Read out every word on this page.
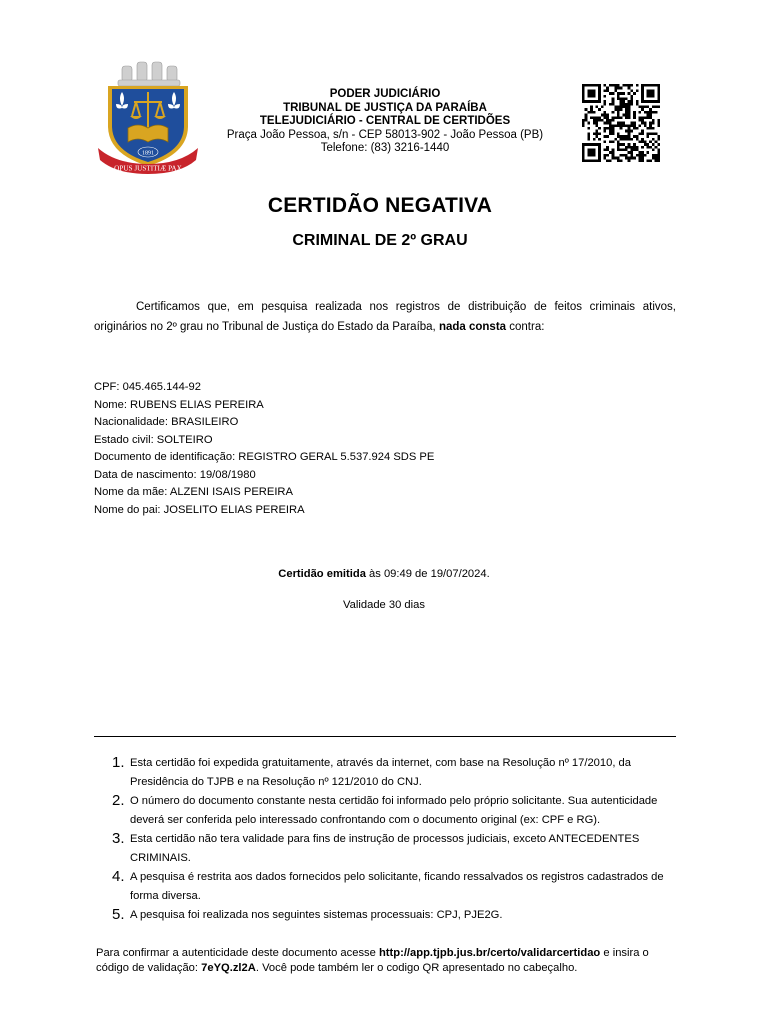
1891
OPUS JUSTITIÆ PAX
PODER JUDICIÁRIO
TRIBUNAL DE JUSTIÇA DA PARAÍBA
TELEJUDICIÁRIO - CENTRAL DE CERTIDÕES
Praça João Pessoa, s/n - CEP 58013-902 - João Pessoa (PB)
Telefone: (83) 3216-1440
CERTIDÃO NEGATIVA
CRIMINAL DE 2º GRAU
Certificamos que, em pesquisa realizada nos registros de distribuição de feitos criminais ativos, originários no 2º grau no Tribunal de Justiça do Estado da Paraíba, nada consta contra:
CPF: 045.465.144-92
Nome: RUBENS ELIAS PEREIRA
Nacionalidade: BRASILEIRO
Estado civil: SOLTEIRO
Documento de identificação: REGISTRO GERAL 5.537.924 SDS PE
Data de nascimento: 19/08/1980
Nome da mãe: ALZENI ISAIS PEREIRA
Nome do pai: JOSELITO ELIAS PEREIRA
Certidão emitida às 09:49 de 19/07/2024.
Validade 30 dias
1. Esta certidão foi expedida gratuitamente, através da internet, com base na Resolução nº 17/2010, da Presidência do TJPB e na Resolução nº 121/2010 do CNJ.
2. O número do documento constante nesta certidão foi informado pelo próprio solicitante. Sua autenticidade deverá ser conferida pelo interessado confrontando com o documento original (ex: CPF e RG).
3. Esta certidão não tera validade para fins de instrução de processos judiciais, exceto ANTECEDENTES CRIMINAIS.
4. A pesquisa é restrita aos dados fornecidos pelo solicitante, ficando ressalvados os registros cadastrados de forma diversa.
5. A pesquisa foi realizada nos seguintes sistemas processuais: CPJ, PJE2G.
Para confirmar a autenticidade deste documento acesse http://app.tjpb.jus.br/certo/validarcertidao e insira o código de validação: 7eYQ.zl2A. Você pode também ler o codigo QR apresentado no cabeçalho.
